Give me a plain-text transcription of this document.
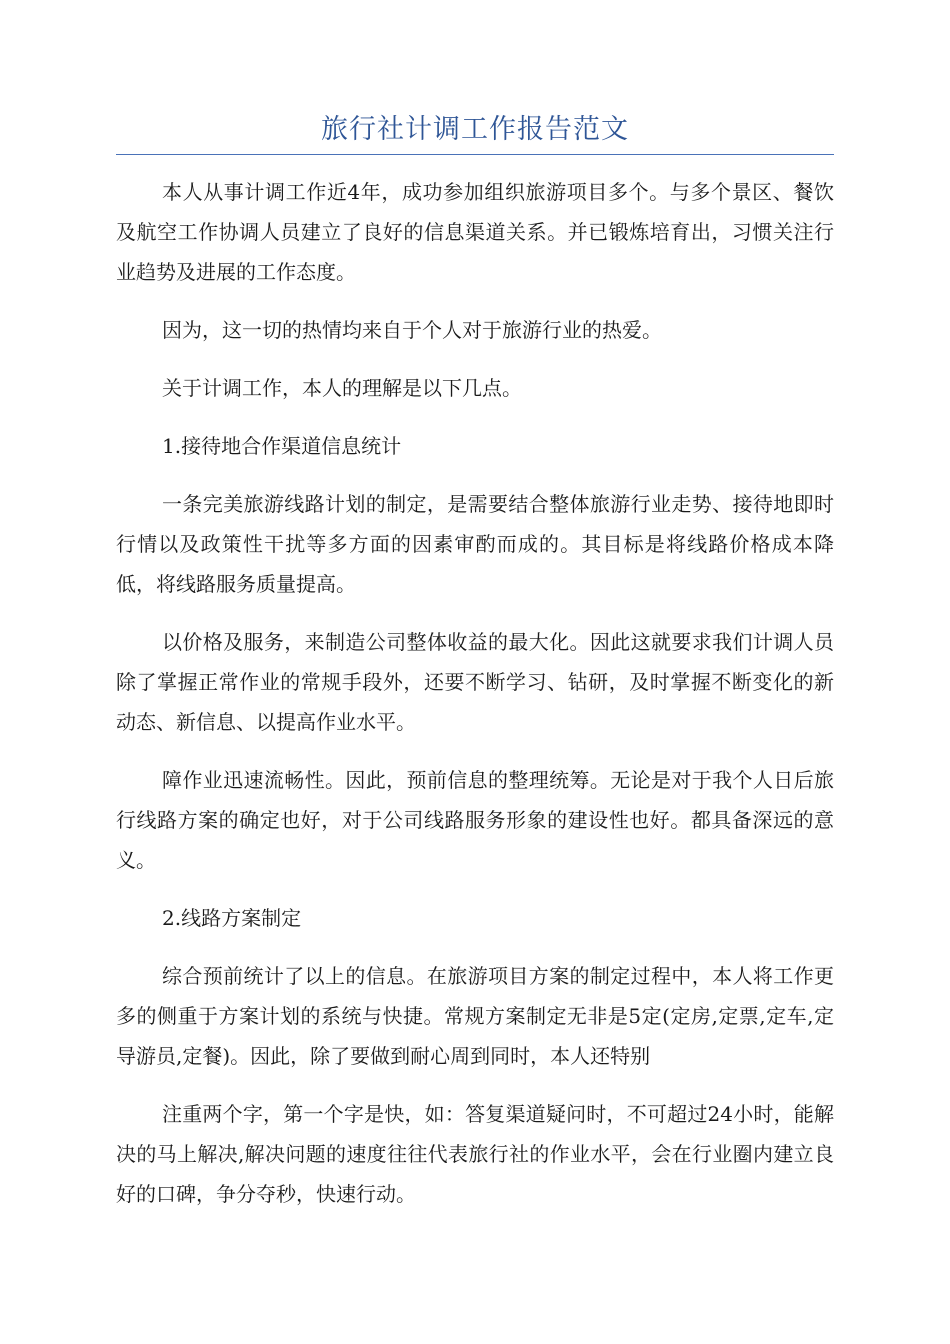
旅行社计调工作报告范文

本人从事计调工作近4年，成功参加组织旅游项目多个。与多个景区、餐饮及航空工作协调人员建立了良好的信息渠道关系。并已锻炼培育出，习惯关注行业趋势及进展的工作态度。

因为，这一切的热情均来自于个人对于旅游行业的热爱。

关于计调工作，本人的理解是以下几点。

1.接待地合作渠道信息统计

一条完美旅游线路计划的制定，是需要结合整体旅游行业走势、接待地即时行情以及政策性干扰等多方面的因素审酌而成的。其目标是将线路价格成本降低，将线路服务质量提高。

以价格及服务，来制造公司整体收益的最大化。因此这就要求我们计调人员除了掌握正常作业的常规手段外，还要不断学习、钻研，及时掌握不断变化的新动态、新信息、以提高作业水平。

障作业迅速流畅性。因此，预前信息的整理统筹。无论是对于我个人日后旅行线路方案的确定也好，对于公司线路服务形象的建设性也好。都具备深远的意义。

2.线路方案制定

综合预前统计了以上的信息。在旅游项目方案的制定过程中，本人将工作更多的侧重于方案计划的系统与快捷。常规方案制定无非是5定(定房,定票,定车,定导游员,定餐)。因此，除了要做到耐心周到同时，本人还特别

注重两个字，第一个字是快，如：答复渠道疑问时，不可超过24小时，能解决的马上解决,解决问题的速度往往代表旅行社的作业水平，会在行业圈内建立良好的口碑，争分夺秒，快速行动。
